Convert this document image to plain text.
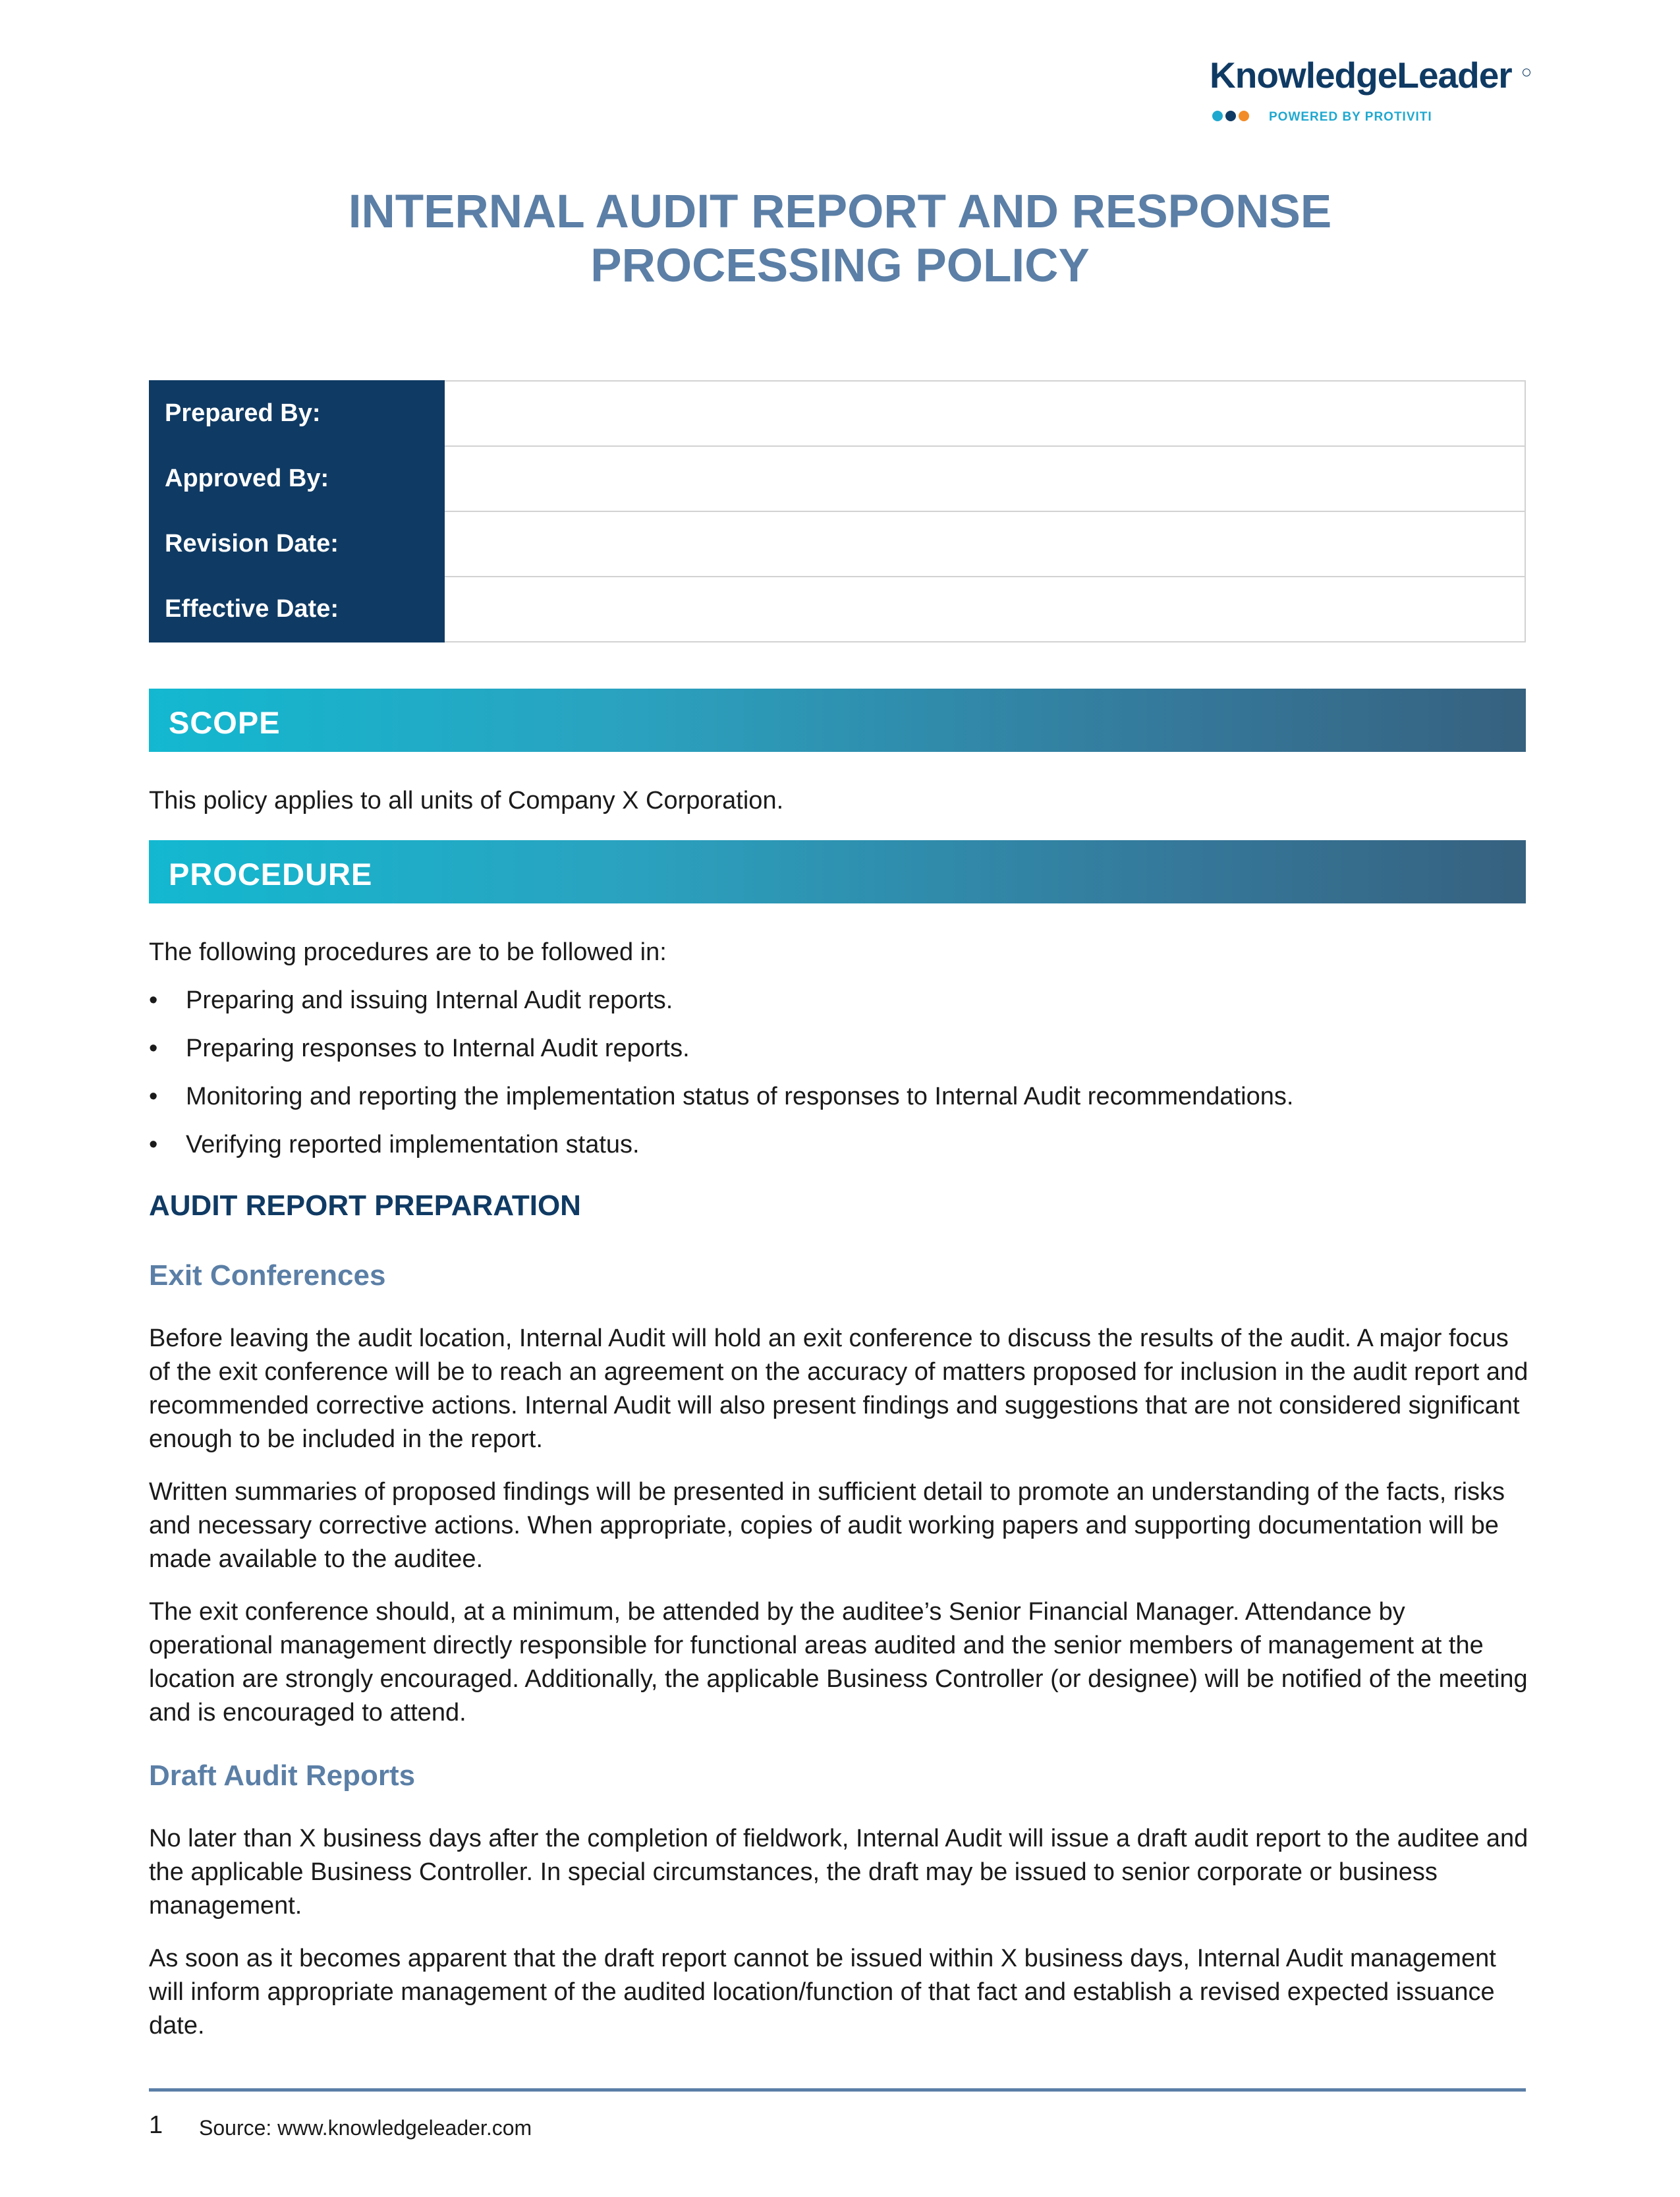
KnowledgeLeader
POWERED BY PROTIVITI
INTERNAL AUDIT REPORT AND RESPONSE
PROCESSING POLICY
Prepared By:	
Approved By:	
Revision Date:	
Effective Date:	
SCOPE
This policy applies to all units of Company X Corporation.
PROCEDURE
The following procedures are to be followed in:
• Preparing and issuing Internal Audit reports.
• Preparing responses to Internal Audit reports.
• Monitoring and reporting the implementation status of responses to Internal Audit recommendations.
• Verifying reported implementation status.
AUDIT REPORT PREPARATION
Exit Conferences
Before leaving the audit location, Internal Audit will hold an exit conference to discuss the results of the audit. A major focus of the exit conference will be to reach an agreement on the accuracy of matters proposed for inclusion in the audit report and recommended corrective actions. Internal Audit will also present findings and suggestions that are not considered significant enough to be included in the report.
Written summaries of proposed findings will be presented in sufficient detail to promote an understanding of the facts, risks and necessary corrective actions. When appropriate, copies of audit working papers and supporting documentation will be made available to the auditee.
The exit conference should, at a minimum, be attended by the auditee’s Senior Financial Manager. Attendance by operational management directly responsible for functional areas audited and the senior members of management at the location are strongly encouraged. Additionally, the applicable Business Controller (or designee) will be notified of the meeting and is encouraged to attend.
Draft Audit Reports
No later than X business days after the completion of fieldwork, Internal Audit will issue a draft audit report to the auditee and the applicable Business Controller. In special circumstances, the draft may be issued to senior corporate or business management.
As soon as it becomes apparent that the draft report cannot be issued within X business days, Internal Audit management will inform appropriate management of the audited location/function of that fact and establish a revised expected issuance date.
1 Source: www.knowledgeleader.com
